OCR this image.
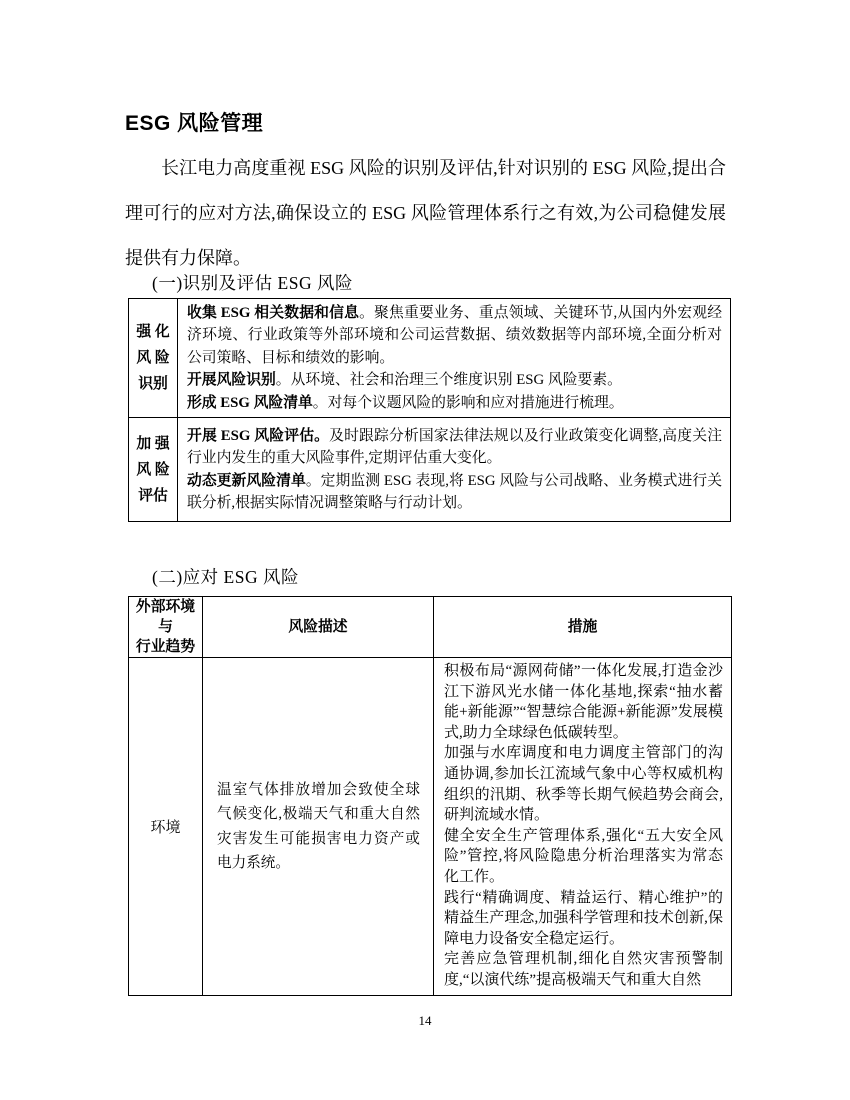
ESG 风险管理

长江电力高度重视 ESG 风险的识别及评估,针对识别的 ESG 风险,提出合理可行的应对方法,确保设立的 ESG 风险管理体系行之有效,为公司稳健发展提供有力保障。

(一)识别及评估 ESG 风险
强 化
风 险
识别

收集 ESG 相关数据和信息。聚焦重要业务、重点领域、关键环节,从国内外宏观经济环境、行业政策等外部环境和公司运营数据、绩效数据等内部环境,全面分析对公司策略、目标和绩效的影响。
开展风险识别。从环境、社会和治理三个维度识别 ESG 风险要素。
形成 ESG 风险清单。对每个议题风险的影响和应对措施进行梳理。

加 强
风 险
评估

开展 ESG 风险评估。及时跟踪分析国家法律法规以及行业政策变化调整,高度关注行业内发生的重大风险事件,定期评估重大变化。
动态更新风险清单。定期监测 ESG 表现,将 ESG 风险与公司战略、业务模式进行关联分析,根据实际情况调整策略与行动计划。
(二)应对 ESG 风险
外部环境与
行业趋势	风险描述	措施
环境	温室气体排放增加会致使全球气候变化,极端天气和重大自然灾害发生可能损害电力资产或电力系统。	积极布局“源网荷储”一体化发展,打造金沙江下游风光水储一体化基地,探索“抽水蓄能+新能源”“智慧综合能源+新能源”发展模式,助力全球绿色低碳转型。
加强与水库调度和电力调度主管部门的沟通协调,参加长江流域气象中心等权威机构组织的汛期、秋季等长期气候趋势会商会,研判流域水情。
健全安全生产管理体系,强化“五大安全风险”管控,将风险隐患分析治理落实为常态化工作。
践行“精确调度、精益运行、精心维护”的精益生产理念,加强科学管理和技术创新,保障电力设备安全稳定运行。
完善应急管理机制,细化自然灾害预警制度,“以演代练”提高极端天气和重大自然
14
